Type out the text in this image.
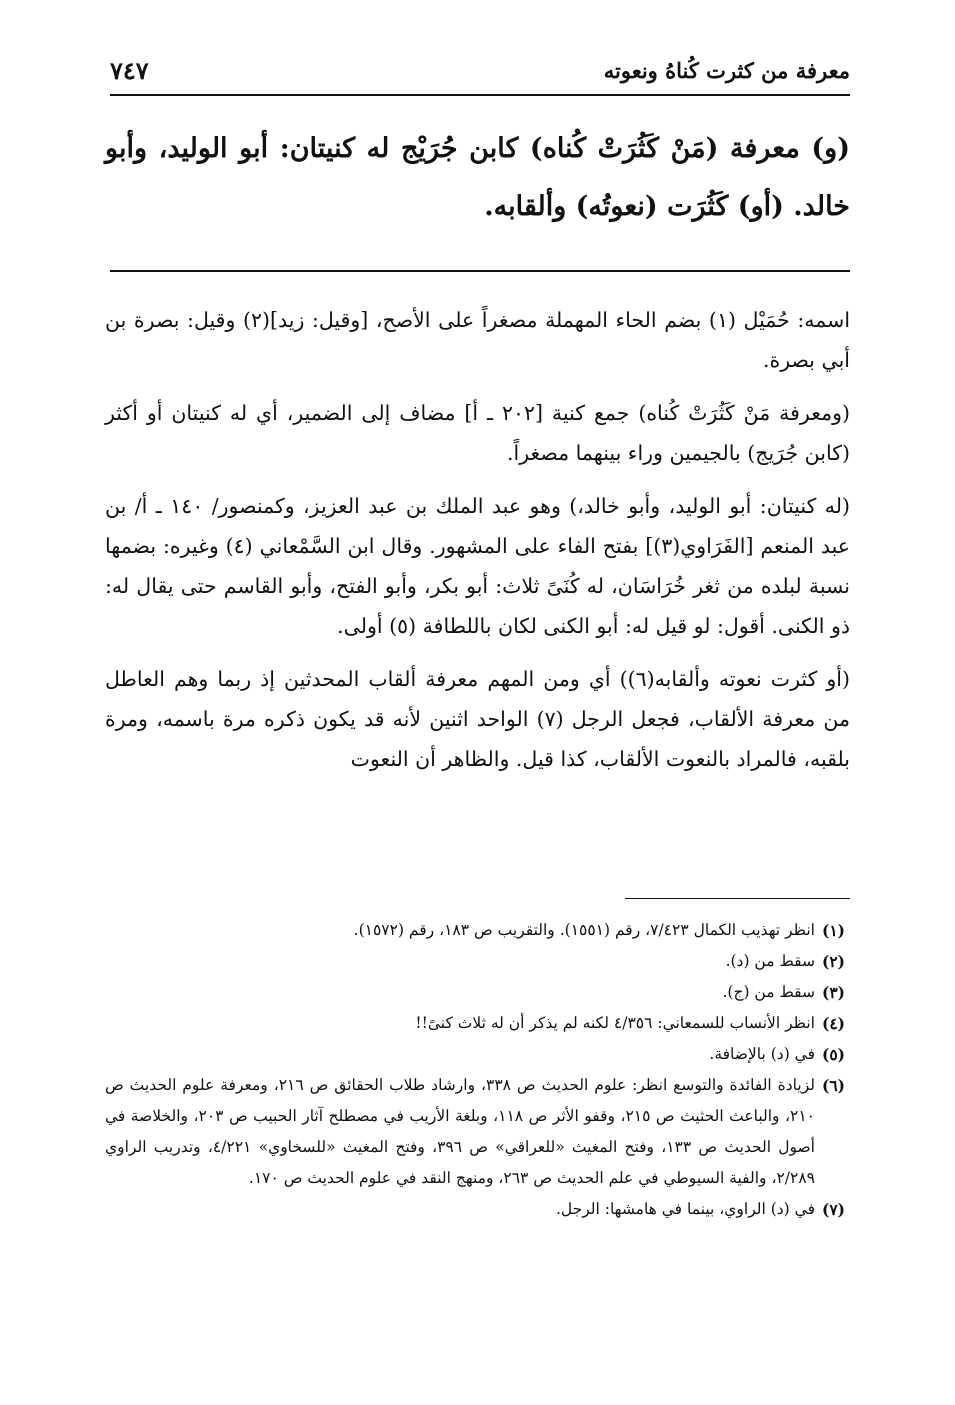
٧٤٧	معرفة من كثرت كُناهُ ونعوته

(و) معرفة (مَنْ كَثُرَتْ كُناه) كابن جُرَيْج له كنيتان: أبو الوليد، وأبو خالد. (أو) كَثُرَت (نعوتُه) وألقابه.

اسمه: حُمَيْل (١) بضم الحاء المهملة مصغراً على الأصح، [وقيل: زيد](٢) وقيل: بصرة بن أبي بصرة.

(ومعرفة مَنْ كَثُرَتْ كُناه) جمع كنية [٢٠٢ ـ أ] مضاف إلى الضمير، أي له كنيتان أو أكثر (كابن جُرَيج) بالجيمين وراء بينهما مصغراً.

(له كنيتان: أبو الوليد، وأبو خالد،) وهو عبد الملك بن عبد العزيز، وكمنصور/ ١٤٠ ـ أ/ بن عبد المنعم [الفَرَاوي(٣)] بفتح الفاء على المشهور. وقال ابن السَّمْعاني (٤) وغيره: بضمها نسبة لبلده من ثغر خُرَاسَان، له كُنَىً ثلاث: أبو بكر، وأبو الفتح، وأبو القاسم حتى يقال له: ذو الكنى. أقول: لو قيل له: أبو الكنى لكان باللطافة (٥) أولى.

(أو كثرت نعوته وألقابه(٦)) أي ومن المهم معرفة ألقاب المحدثين إذ ربما وهم العاطل من معرفة الألقاب، فجعل الرجل (٧) الواحد اثنين لأنه قد يكون ذكره مرة باسمه، ومرة بلقبه، فالمراد بالنعوت الألقاب، كذا قيل. والظاهر أن النعوت

(١)
انظر تهذيب الكمال ٧/٤٢٣، رقم (١٥٥١). والتقريب ص ١٨٣، رقم (١٥٧٢).
(٢)
سقط من (د).
(٣)
سقط من (ج).
(٤)
انظر الأنساب للسمعاني: ٤/٣٥٦ لكنه لم يذكر أن له ثلاث كنىً!!
(٥)
في (د) بالإضافة.
(٦)
لزيادة الفائدة والتوسع انظر: علوم الحديث ص ٣٣٨، وارشاد طلاب الحقائق ص ٢١٦، ومعرفة علوم الحديث ص ٢١٠، والباعث الحثيث ص ٢١٥، وقفو الأثر ص ١١٨، وبلغة الأريب في مصطلح آثار الحبيب ص ٢٠٣، والخلاصة في أصول الحديث ص ١٣٣، وفتح المغيث «للعراقي» ص ٣٩٦، وفتح المغيث «للسخاوي» ٤/٢٢١، وتدريب الراوي ٢/٢٨٩، والفية السيوطي في علم الحديث ص ٢٦٣، ومنهج النقد في علوم الحديث ص ١٧٠.
(٧)
في (د) الراوي، بينما في هامشها: الرجل.
